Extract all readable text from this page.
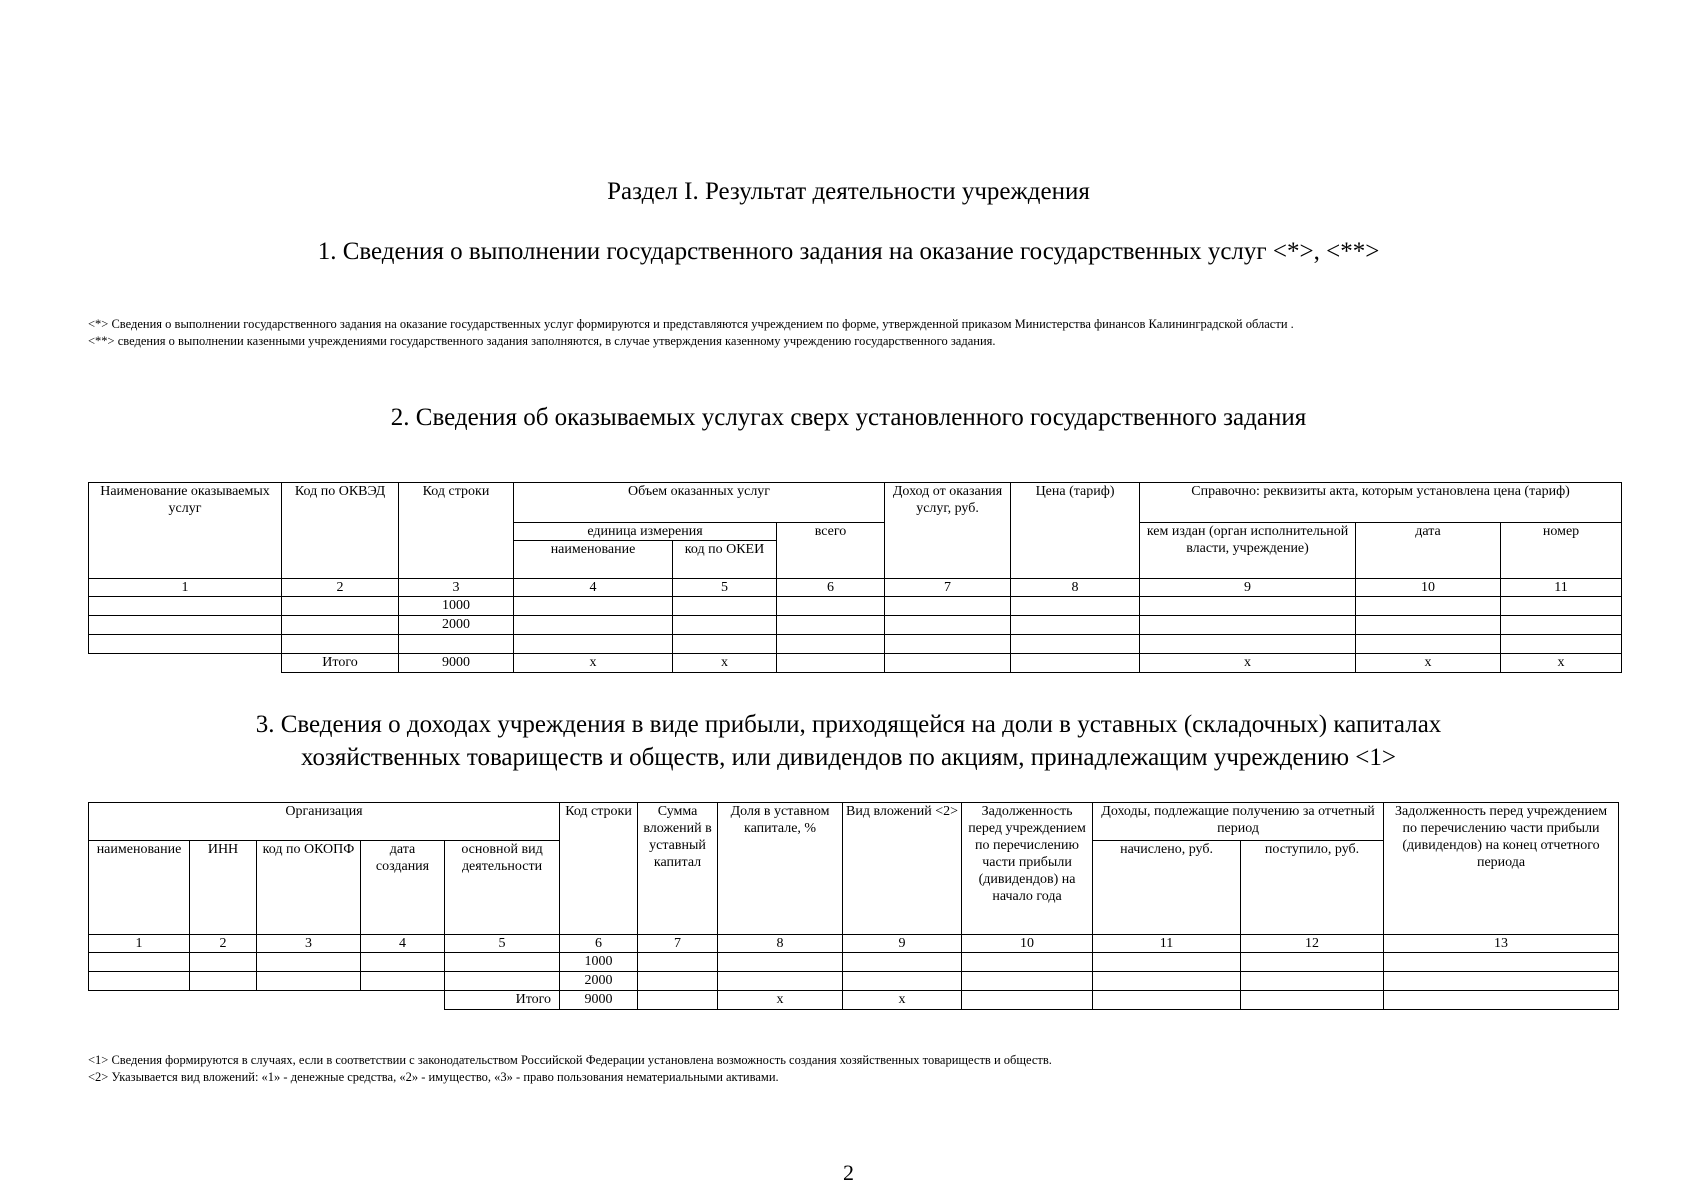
Раздел I. Результат деятельности учреждения
1. Сведения о выполнении государственного задания на оказание государственных услуг <*>, <**>
<*> Сведения о выполнении государственного задания на оказание государственных услуг формируются и представляются учреждением по форме, утвержденной приказом Министерства финансов Калининградской области .
<**> сведения о выполнении казенными учреждениями государственного задания заполняются, в случае утверждения казенному учреждению государственного задания.
2. Сведения об оказываемых услугах сверх установленного государственного задания
Наименование оказываемых услуг	Код по ОКВЭД	Код строки	Объем оказанных услуг			Доход от оказания услуг, руб.	Цена (тариф)	Справочно: реквизиты акта, которым установлена цена (тариф)		
			единица измерения		всего			кем издан (орган исполнительной власти, учреждение)	дата	номер
			наименование	код по ОКЕИ						
1	2	3	4	5	6	7	8	9	10	11
		1000								
		2000								

	Итого	9000	х	х				х	х	х
3. Сведения о доходах учреждения в виде прибыли, приходящейся на доли в уставных (складочных) капиталах
хозяйственных товариществ и обществ, или дивидендов по акциям, принадлежащим учреждению <1>
Организация					Код строки	Сумма вложений в уставный капитал	Доля в уставном капитале, %	Вид вложений <2>	Задолженность перед учреждением по перечислению части прибыли (дивидендов) на начало года	Доходы, подлежащие получению за отчетный период		Задолженность перед учреждением по перечислению части прибыли (дивидендов) на конец отчетного периода
наименование	ИНН	код по ОКОПФ	дата создания	основной вид деятельности						начислено, руб.	поступило, руб.	
1	2	3	4	5	6	7	8	9	10	11	12	13
					1000							
					2000							
				Итого	9000		х	х				
<1> Сведения формируются в случаях, если в соответствии с законодательством Российской Федерации установлена возможность создания хозяйственных товариществ и обществ.
<2> Указывается вид вложений: «1» - денежные средства, «2» - имущество, «3» - право пользования нематериальными активами.
2
